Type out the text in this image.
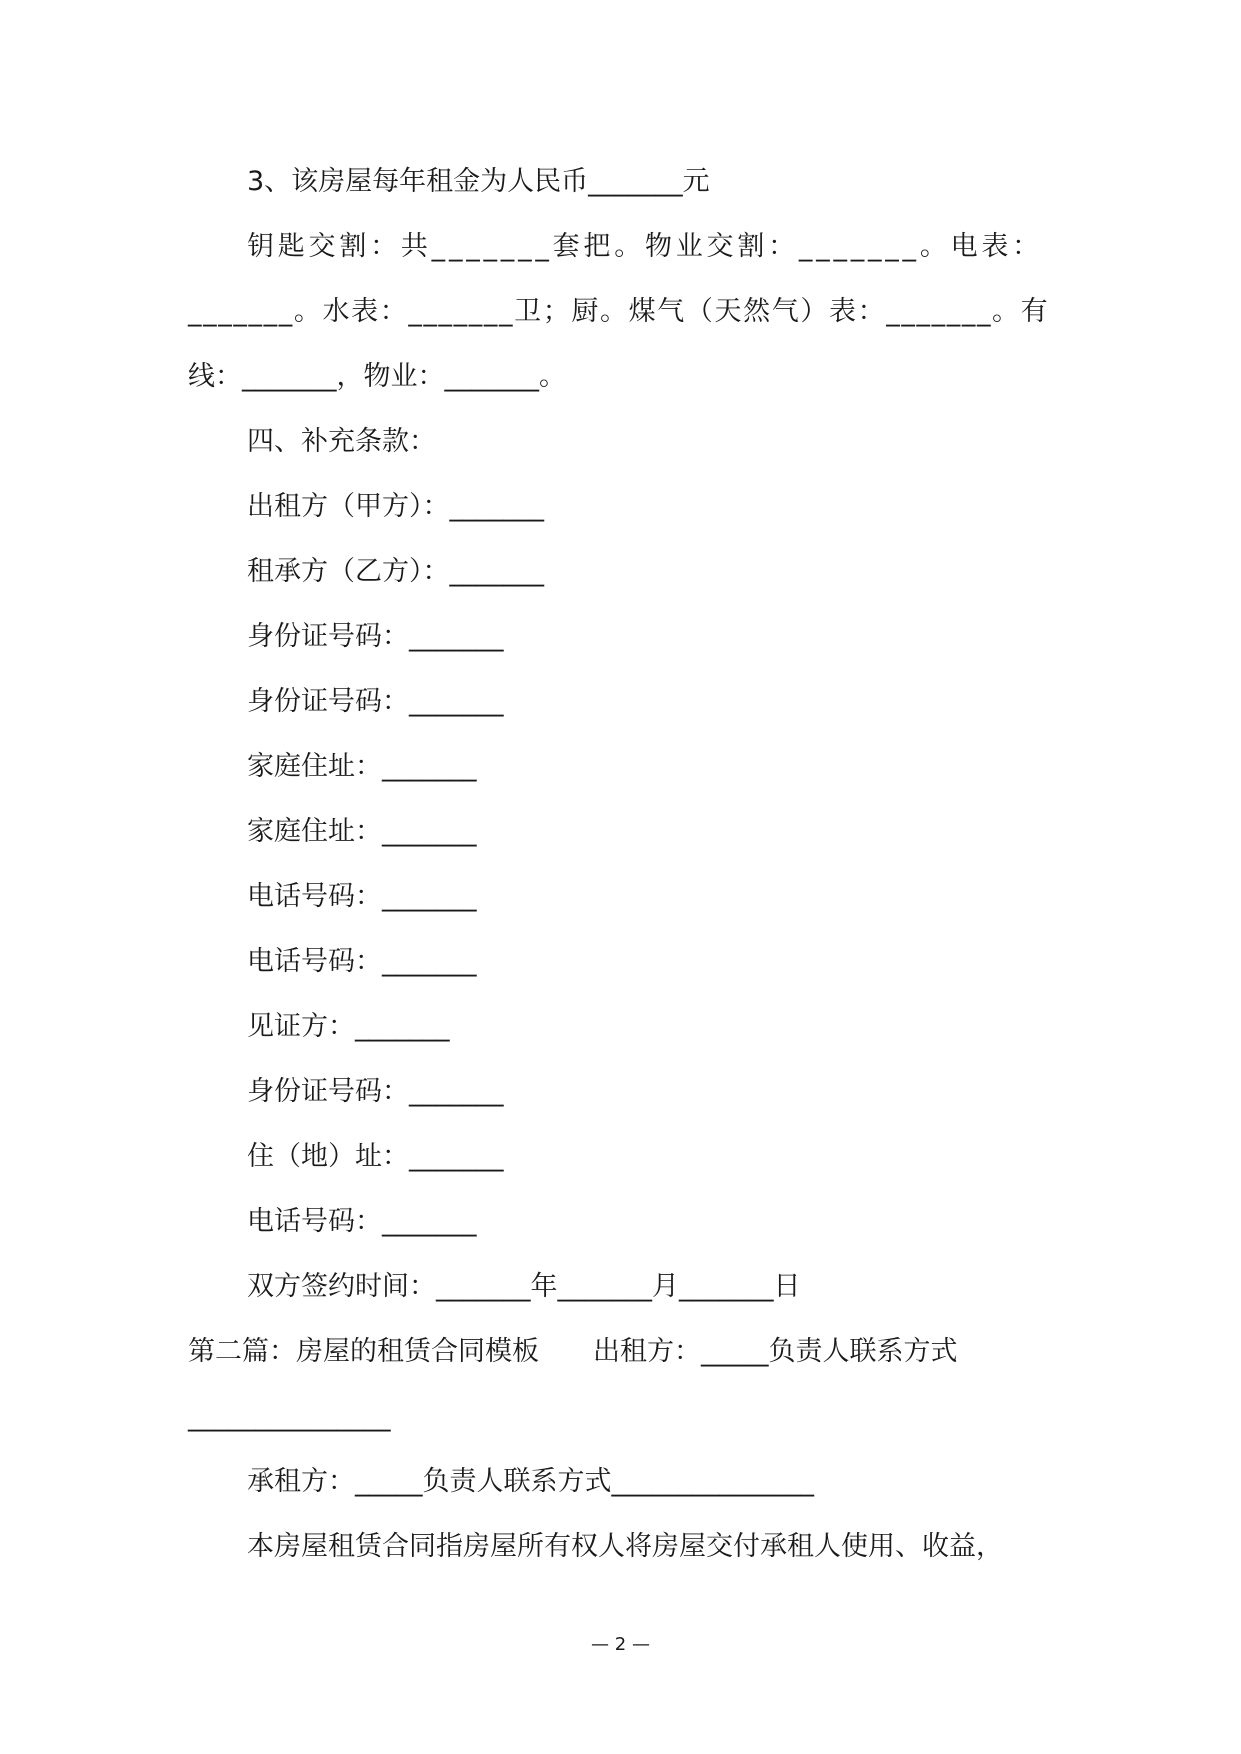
3、该房屋每年租金为人民币_______元
钥匙交割：共_______套把。物业交割：_______。电表：
_______。水表：_______卫；厨。煤气（天然气）表：_______。有
线：_______，物业：_______。
四、补充条款：
出租方（甲方）：_______
租承方（乙方）：_______
身份证号码：_______
身份证号码：_______
家庭住址：_______
家庭住址：_______
电话号码：_______
电话号码：_______
见证方：_______
身份证号码：_______
住（地）址：_______
电话号码：_______
双方签约时间：_______年_______月_______日
第二篇：房屋的租赁合同模板　　出租方：_____负责人联系方式
_______________
承租方：_____负责人联系方式_______________
本房屋租赁合同指房屋所有权人将房屋交付承租人使用、收益，
— 2 —
